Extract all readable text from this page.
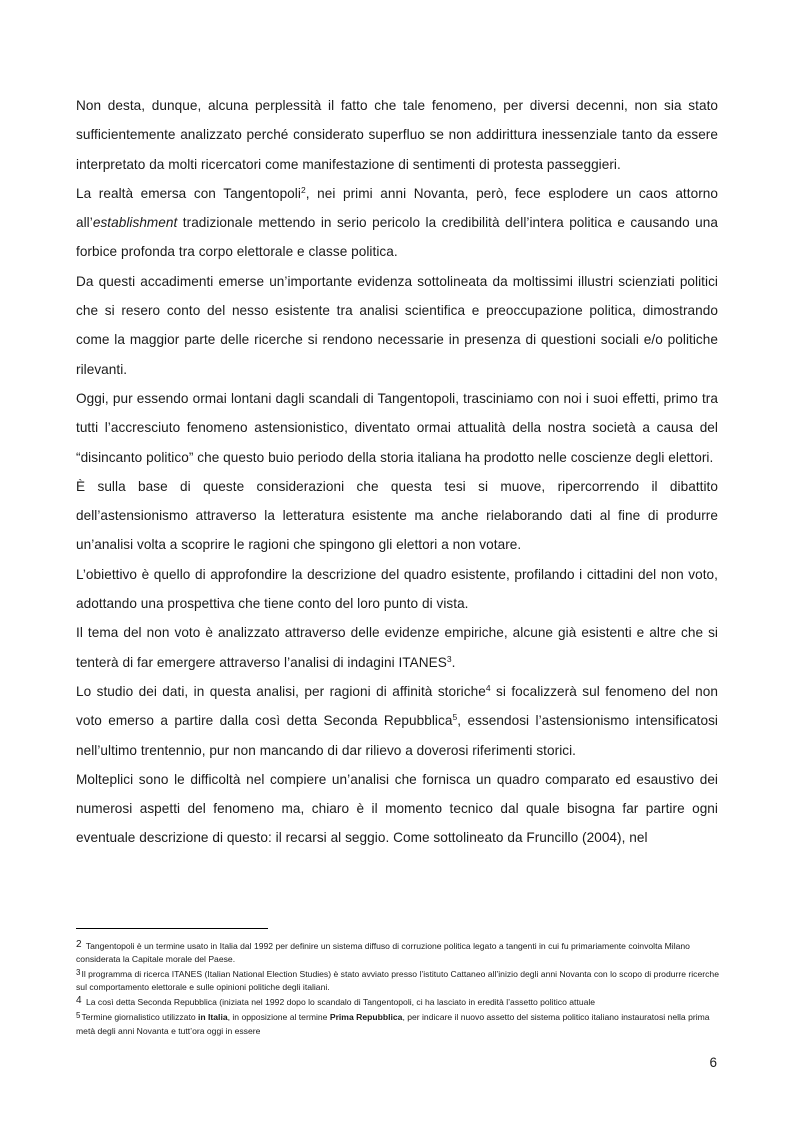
Non desta, dunque, alcuna perplessità il fatto che tale fenomeno, per diversi decenni, non sia stato sufficientemente analizzato perché considerato superfluo se non addirittura inessenziale tanto da essere interpretato da molti ricercatori come manifestazione di sentimenti di protesta passeggieri.

La realtà emersa con Tangentopoli$^2$, nei primi anni Novanta, però, fece esplodere un caos attorno all’establishment tradizionale mettendo in serio pericolo la credibilità dell’intera politica e causando una forbice profonda tra corpo elettorale e classe politica.

Da questi accadimenti emerse un’importante evidenza sottolineata da moltissimi illustri scienziati politici che si resero conto del nesso esistente tra analisi scientifica e preoccupazione politica, dimostrando come la maggior parte delle ricerche si rendono necessarie in presenza di questioni sociali e/o politiche rilevanti.

Oggi, pur essendo ormai lontani dagli scandali di Tangentopoli, trasciniamo con noi i suoi effetti, primo tra tutti l’accresciuto fenomeno astensionistico, diventato ormai attualità della nostra società a causa del “disincanto politico” che questo buio periodo della storia italiana ha prodotto nelle coscienze degli elettori.

È sulla base di queste considerazioni che questa tesi si muove, ripercorrendo il dibattito dell’astensionismo attraverso la letteratura esistente ma anche rielaborando dati al fine di produrre un’analisi volta a scoprire le ragioni che spingono gli elettori a non votare.

L’obiettivo è quello di approfondire la descrizione del quadro esistente, profilando i cittadini del non voto, adottando una prospettiva che tiene conto del loro punto di vista.

Il tema del non voto è analizzato attraverso delle evidenze empiriche, alcune già esistenti e altre che si tenterà di far emergere attraverso l’analisi di indagini ITANES$^3$.

Lo studio dei dati, in questa analisi, per ragioni di affinità storiche$^4$ si focalizzerà sul fenomeno del non voto emerso a partire dalla così detta Seconda Repubblica$^5$, essendosi l’astensionismo intensificatosi nell’ultimo trentennio, pur non mancando di dar rilievo a doverosi riferimenti storici.

Molteplici sono le difficoltà nel compiere un’analisi che fornisca un quadro comparato ed esaustivo dei numerosi aspetti del fenomeno ma, chiaro è il momento tecnico dal quale bisogna far partire ogni eventuale descrizione di questo: il recarsi al seggio. Come sottolineato da Fruncillo (2004), nel

2 Tangentopoli è un termine usato in Italia dal 1992 per definire un sistema diffuso di corruzione politica legato a tangenti in cui fu primariamente coinvolta Milano considerata la Capitale morale del Paese.

3Il programma di ricerca ITANES (Italian National Election Studies) è stato avviato presso l’istituto Cattaneo all’inizio degli anni Novanta con lo scopo di produrre ricerche sul comportamento elettorale e sulle opinioni politiche degli italiani.

4 La così detta Seconda Repubblica (iniziata nel 1992 dopo lo scandalo di Tangentopoli, ci ha lasciato in eredità l’assetto politico attuale

5Termine giornalistico utilizzato in Italia, in opposizione al termine Prima Repubblica, per indicare il nuovo assetto del sistema politico italiano instauratosi nella prima metà degli anni Novanta e tutt’ora oggi in essere

6
